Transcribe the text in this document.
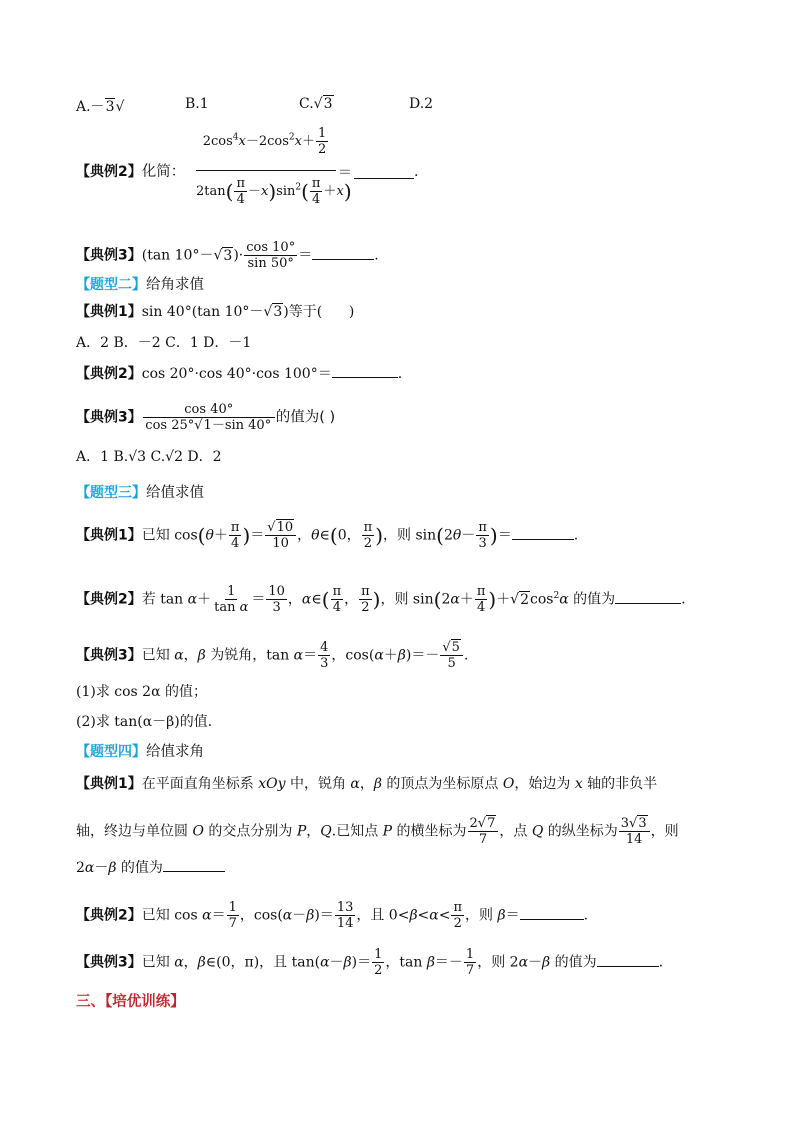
A.－3√	B.1	C.√3	D.2
【典例2】化简：
$2\cos^4x-2\cos^2x+ \frac{1}{2}$
$2\tan( \frac{\pi}{4} -x)\sin^2( \frac{\pi}{4} +x)$
＝	.
【典例3】(tan $10^\circ-√3)\cdot \frac{\cos 10^\circ}{\sin 50^\circ}$ ＝	.
【题型二】给角求值
【典例1】sin 40°(tan 10°－√3)等于(      )
A．2 B．－2 C．1 D．－1
【典例2】cos 20°·cos 40°·cos 100°＝	.
【典例3】 $\frac{\cos 40^\circ}{\cos 25^\circ√1-\sin 40^\circ}$ 的值为( )
A．1 B.√3 C.√2 D．2
【题型三】给值求值
【典例1】已知 $\cos(\theta+ \frac{\pi}{4}$ )＝ $\frac{√10}{10}$ ，θ∈(0， $\frac{\pi}{2}$ )，则 $\sin(2\theta- \frac{\pi}{3}$ )＝	.
【典例2】若 $\tan \alpha+ \frac{1}{\text{tan α}} = \frac{10}{3}$ ，α∈( $\frac{\pi}{4}$ ， $\frac{\pi}{2}$ )，则 $\sin(2\alpha+ \frac{\pi}{4} )+√2\cos^2\alpha$ 的值为	.
【典例3】已知 α，β 为锐角，$\tan \alpha= \frac{4}{3}$ ，$\cos(\alpha+\beta)=- \frac{√5}{5}$ .
(1)求 cos 2α 的值；
(2)求 tan(α－β)的值．
【题型四】给值求角
【典例1】在平面直角坐标系 xOy 中，锐角 α，β 的顶点为坐标原点 O，始边为 x 轴的非负半
轴，终边与单位圆 O 的交点分别为 P，Q.已知点 P 的横坐标为 $\frac{2√7}{7}$ ，点 Q 的纵坐标为 $\frac{3√3}{14}$ ，则
2α－β 的值为
【典例2】已知 $\cos \alpha= \frac{1}{7}$ ，$\cos(\alpha-\beta)= \frac{13}{14}$ ，且 $0<\beta<\alpha< \frac{\pi}{2}$ ，则 β＝	.
【典例3】已知 α，β∈(0，π)，且 $\tan(\alpha-\beta)= \frac{1}{2}$ ，$\tan \beta=- \frac{1}{7}$ ，则 2α－β 的值为	.
三、【培优训练】
